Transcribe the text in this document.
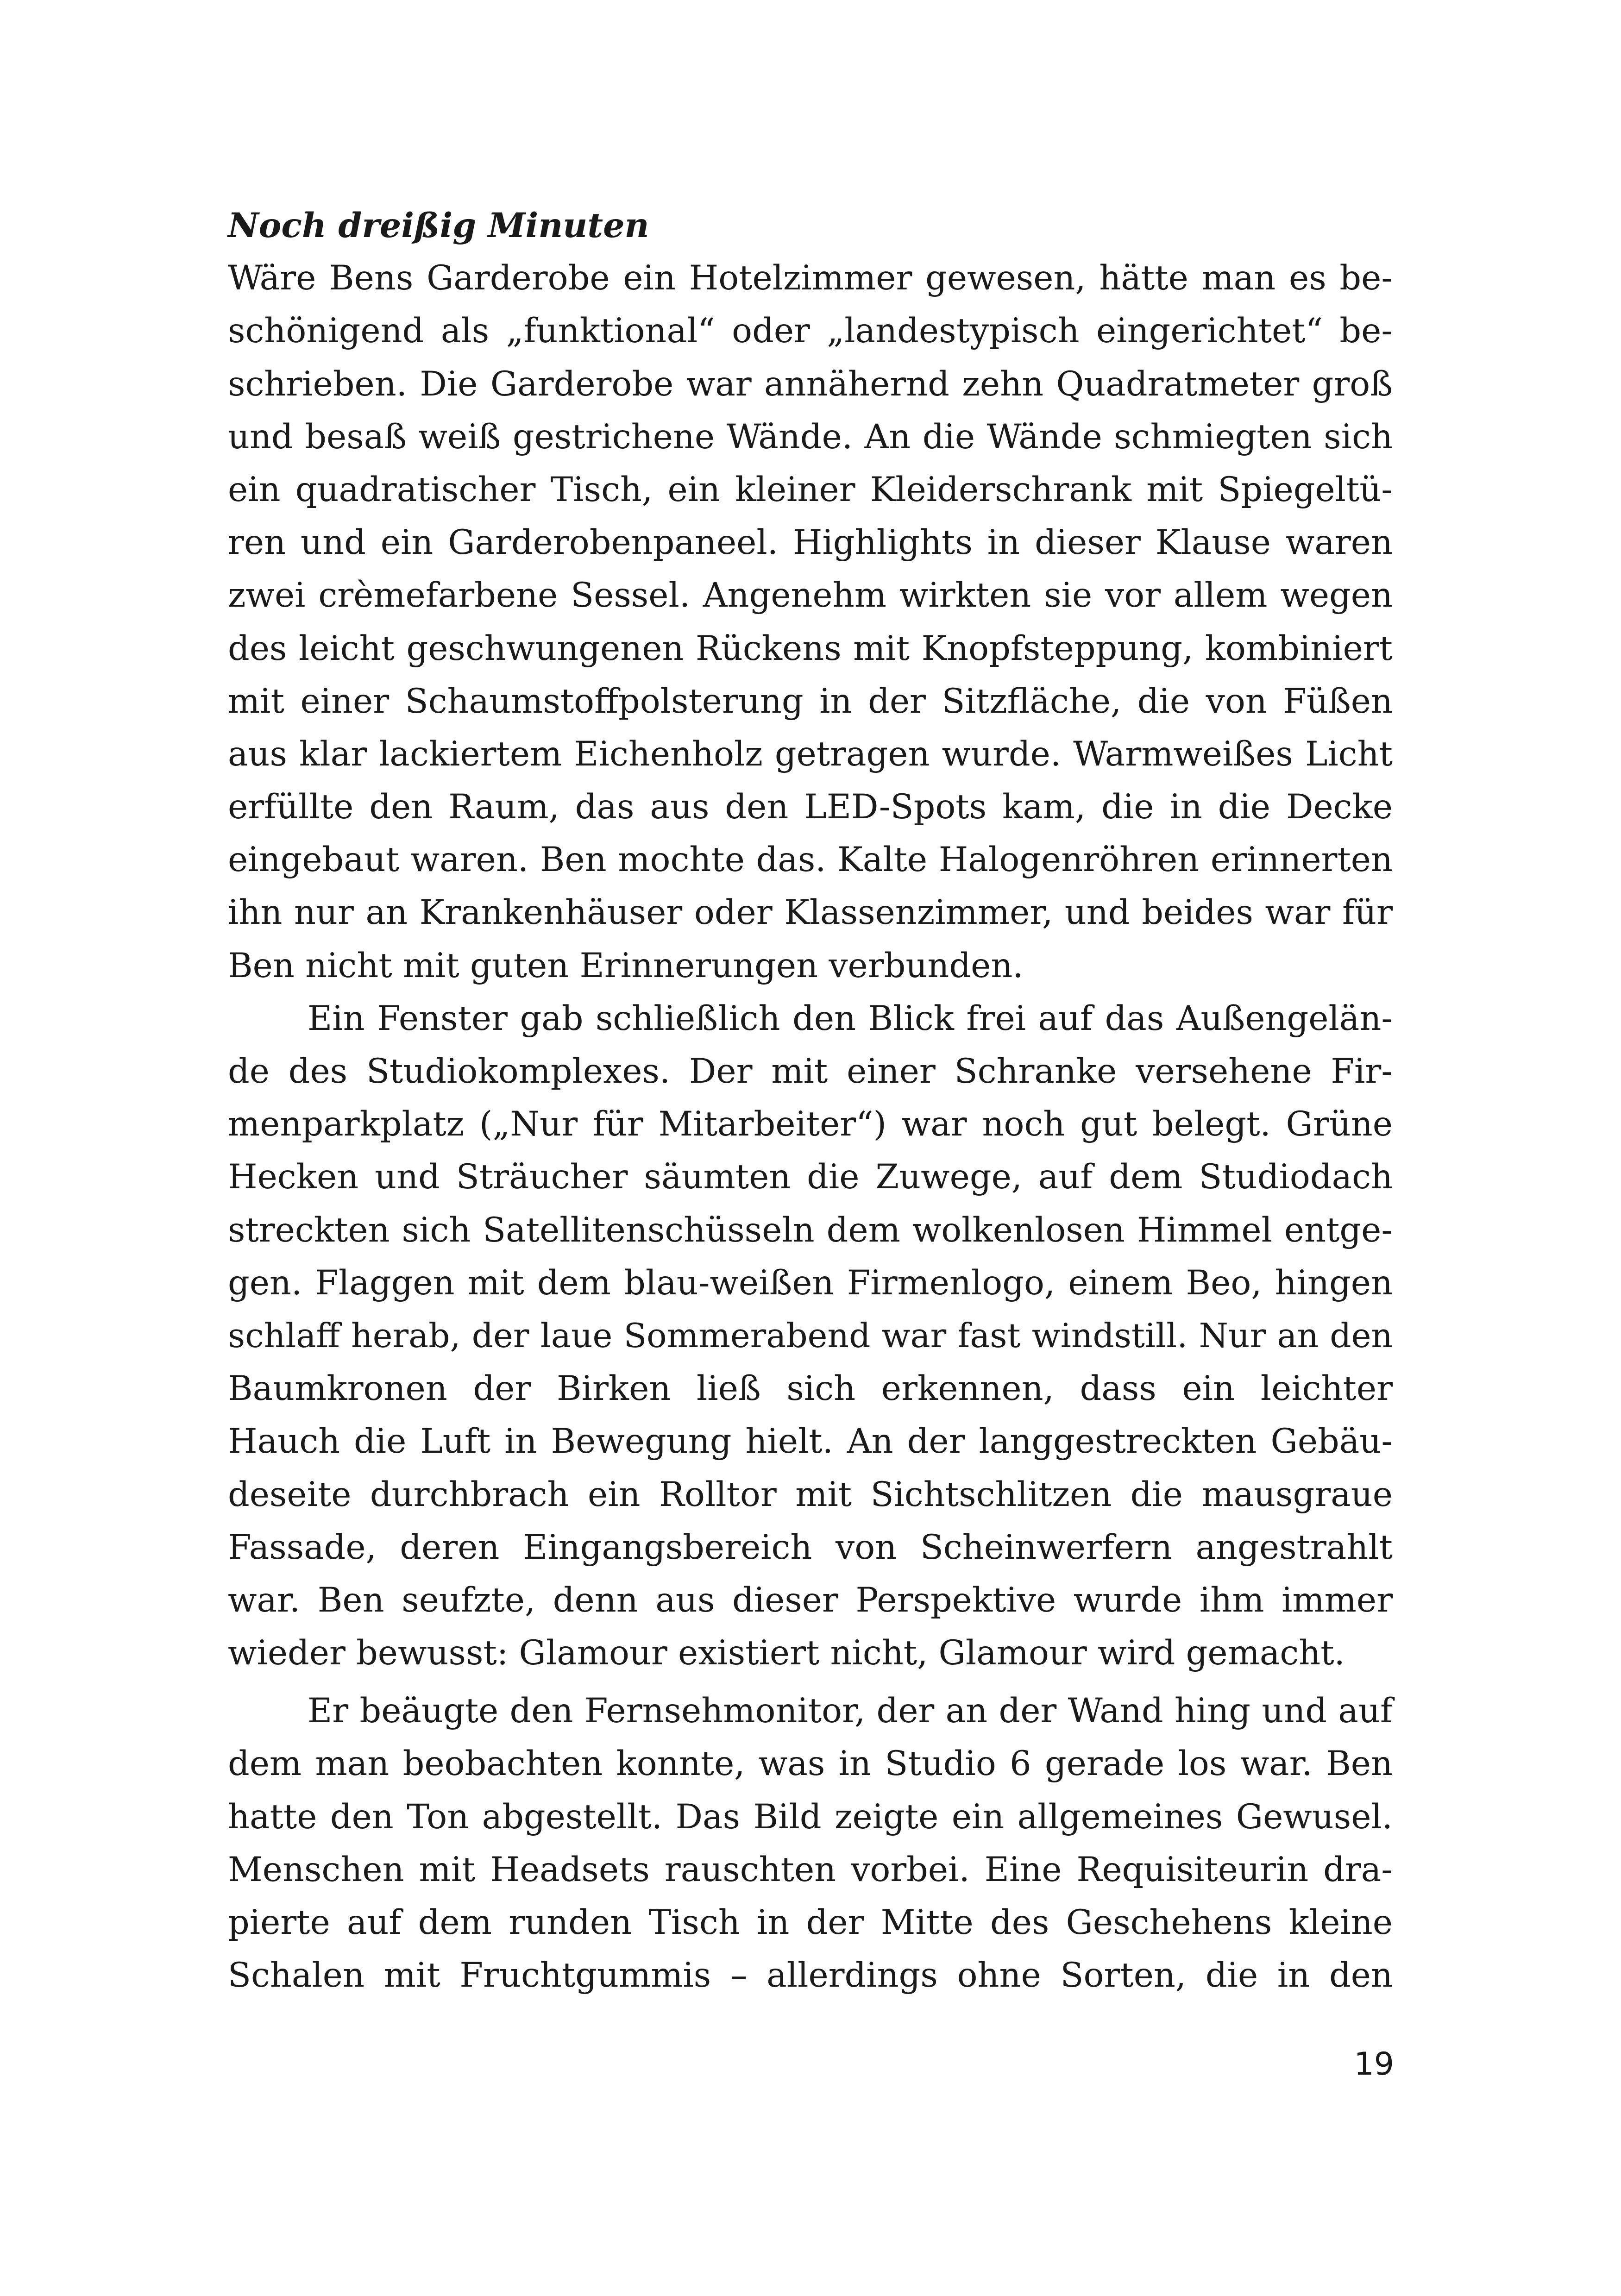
Noch dreißig Minuten
Wäre Bens Garderobe ein Hotelzimmer gewesen, hätte man es be-
schönigend als „funktional“ oder „landestypisch eingerichtet“ be-
schrieben. Die Garderobe war annähernd zehn Quadratmeter groß
und besaß weiß gestrichene Wände. An die Wände schmiegten sich
ein quadratischer Tisch, ein kleiner Kleiderschrank mit Spiegeltü-
ren und ein Garderobenpaneel. Highlights in dieser Klause waren
zwei crèmefarbene Sessel. Angenehm wirkten sie vor allem wegen
des leicht geschwungenen Rückens mit Knopfsteppung, kombiniert
mit einer Schaumstoffpolsterung in der Sitzfläche, die von Füßen
aus klar lackiertem Eichenholz getragen wurde. Warmweißes Licht
erfüllte den Raum, das aus den LED-Spots kam, die in die Decke
eingebaut waren. Ben mochte das. Kalte Halogenröhren erinnerten
ihn nur an Krankenhäuser oder Klassenzimmer, und beides war für
Ben nicht mit guten Erinnerungen verbunden.
Ein Fenster gab schließlich den Blick frei auf das Außengelän-
de des Studiokomplexes. Der mit einer Schranke versehene Fir-
menparkplatz („Nur für Mitarbeiter“) war noch gut belegt. Grüne
Hecken und Sträucher säumten die Zuwege, auf dem Studiodach
streckten sich Satellitenschüsseln dem wolkenlosen Himmel entge-
gen. Flaggen mit dem blau-weißen Firmenlogo, einem Beo, hingen
schlaff herab, der laue Sommerabend war fast windstill. Nur an den
Baumkronen der Birken ließ sich erkennen, dass ein leichter
Hauch die Luft in Bewegung hielt. An der langgestreckten Gebäu-
deseite durchbrach ein Rolltor mit Sichtschlitzen die mausgraue
Fassade, deren Eingangsbereich von Scheinwerfern angestrahlt
war. Ben seufzte, denn aus dieser Perspektive wurde ihm immer
wieder bewusst: Glamour existiert nicht, Glamour wird gemacht.
Er beäugte den Fernsehmonitor, der an der Wand hing und auf
dem man beobachten konnte, was in Studio 6 gerade los war. Ben
hatte den Ton abgestellt. Das Bild zeigte ein allgemeines Gewusel.
Menschen mit Headsets rauschten vorbei. Eine Requisiteurin dra-
pierte auf dem runden Tisch in der Mitte des Geschehens kleine
Schalen mit Fruchtgummis – allerdings ohne Sorten, die in den
19
